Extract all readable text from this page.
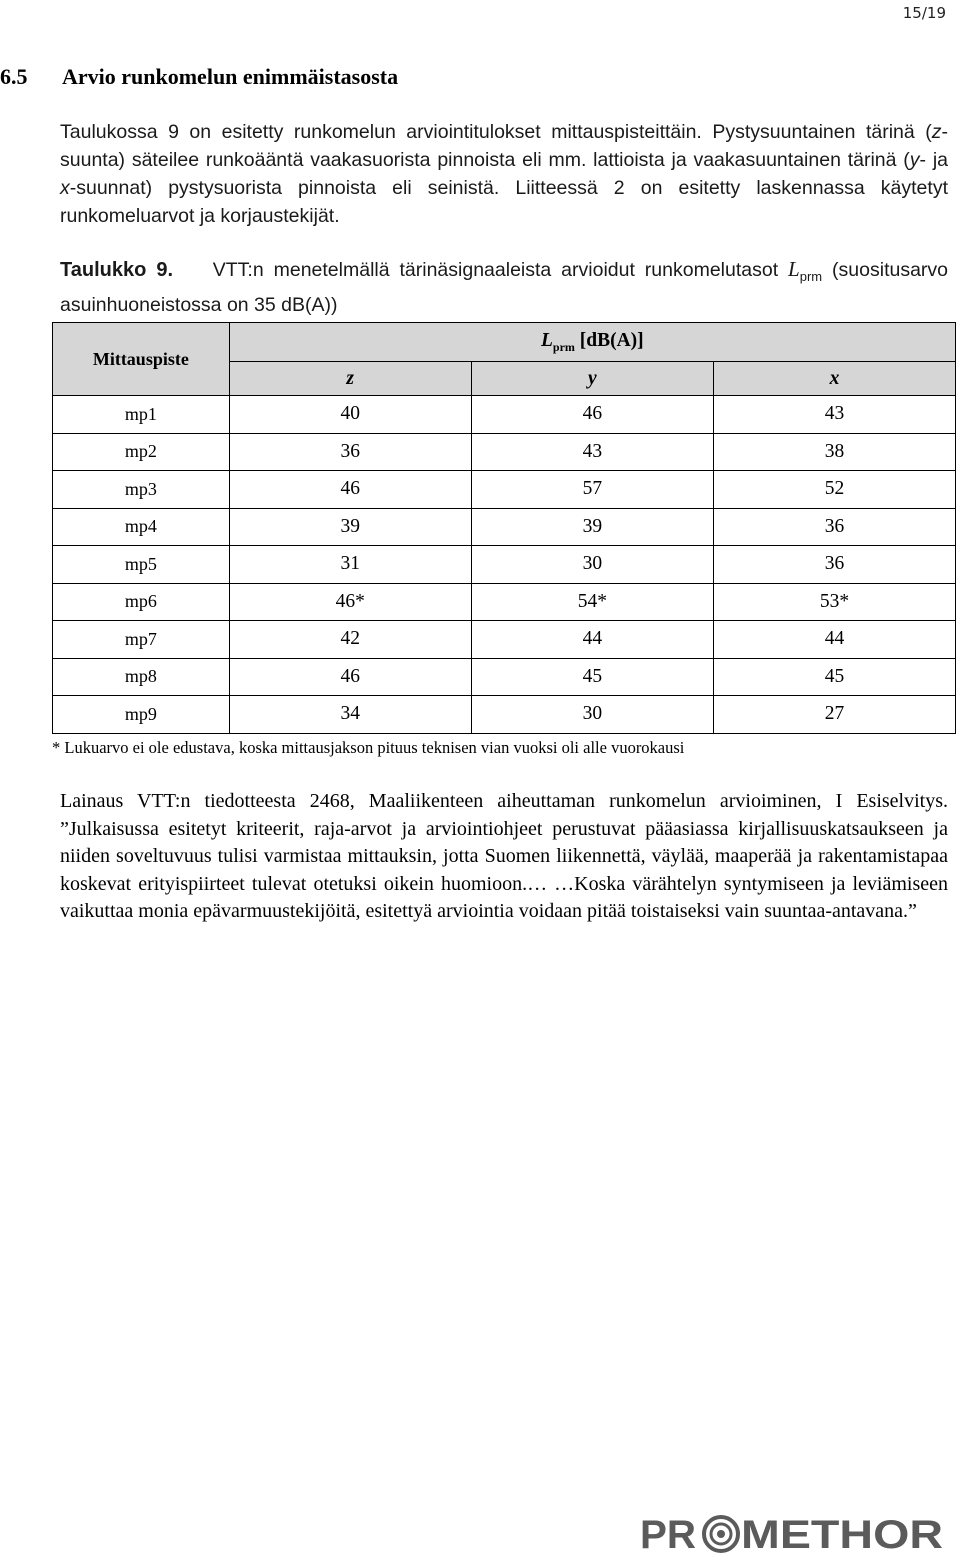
15/19
6.5 Arvio runkomelun enimmäistasosta
Taulukossa 9 on esitetty runkomelun arviointitulokset mittauspisteittäin. Pystysuuntainen tärinä (z-suunta) säteilee runkoääntä vaakasuorista pinnoista eli mm. lattioista ja vaakasuuntainen tärinä (y- ja x-suunnat) pystysuorista pinnoista eli seinistä. Liitteessä 2 on esitetty laskennassa käytetyt runkomeluarvot ja korjaustekijät.
Taulukko 9. VTT:n menetelmällä tärinäsignaaleista arvioidut runkomelutasot $L_{prm}$ (suositusarvo asuinhuoneistossa on 35 dB(A))
Mittauspiste	$L_{prm}$ [dB(A)]		
	z	y	x
mp1	40	46	43
mp2	36	43	38
mp3	46	57	52
mp4	39	39	36
mp5	31	30	36
mp6	46*	54*	53*
mp7	42	44	44
mp8	46	45	45
mp9	34	30	27
* Lukuarvo ei ole edustava, koska mittausjakson pituus teknisen vian vuoksi oli alle vuorokausi
Lainaus VTT:n tiedotteesta 2468, Maaliikenteen aiheuttaman runkomelun arvioiminen, I Esiselvitys. ”Julkaisussa esitetyt kriteerit, raja-arvot ja arviointiohjeet perustuvat pääasiassa kirjallisuuskatsaukseen ja niiden soveltuvuus tulisi varmistaa mittauksin, jotta Suomen liikennettä, väylää, maaperää ja rakentamistapaa koskevat erityispiirteet tulevat otetuksi oikein huomioon.… …Koska värähtelyn syntymiseen ja leviämiseen vaikuttaa monia epävarmuustekijöitä, esitettyä arviointia voidaan pitää toistaiseksi vain suuntaa-antavana.”
PR METHOR
